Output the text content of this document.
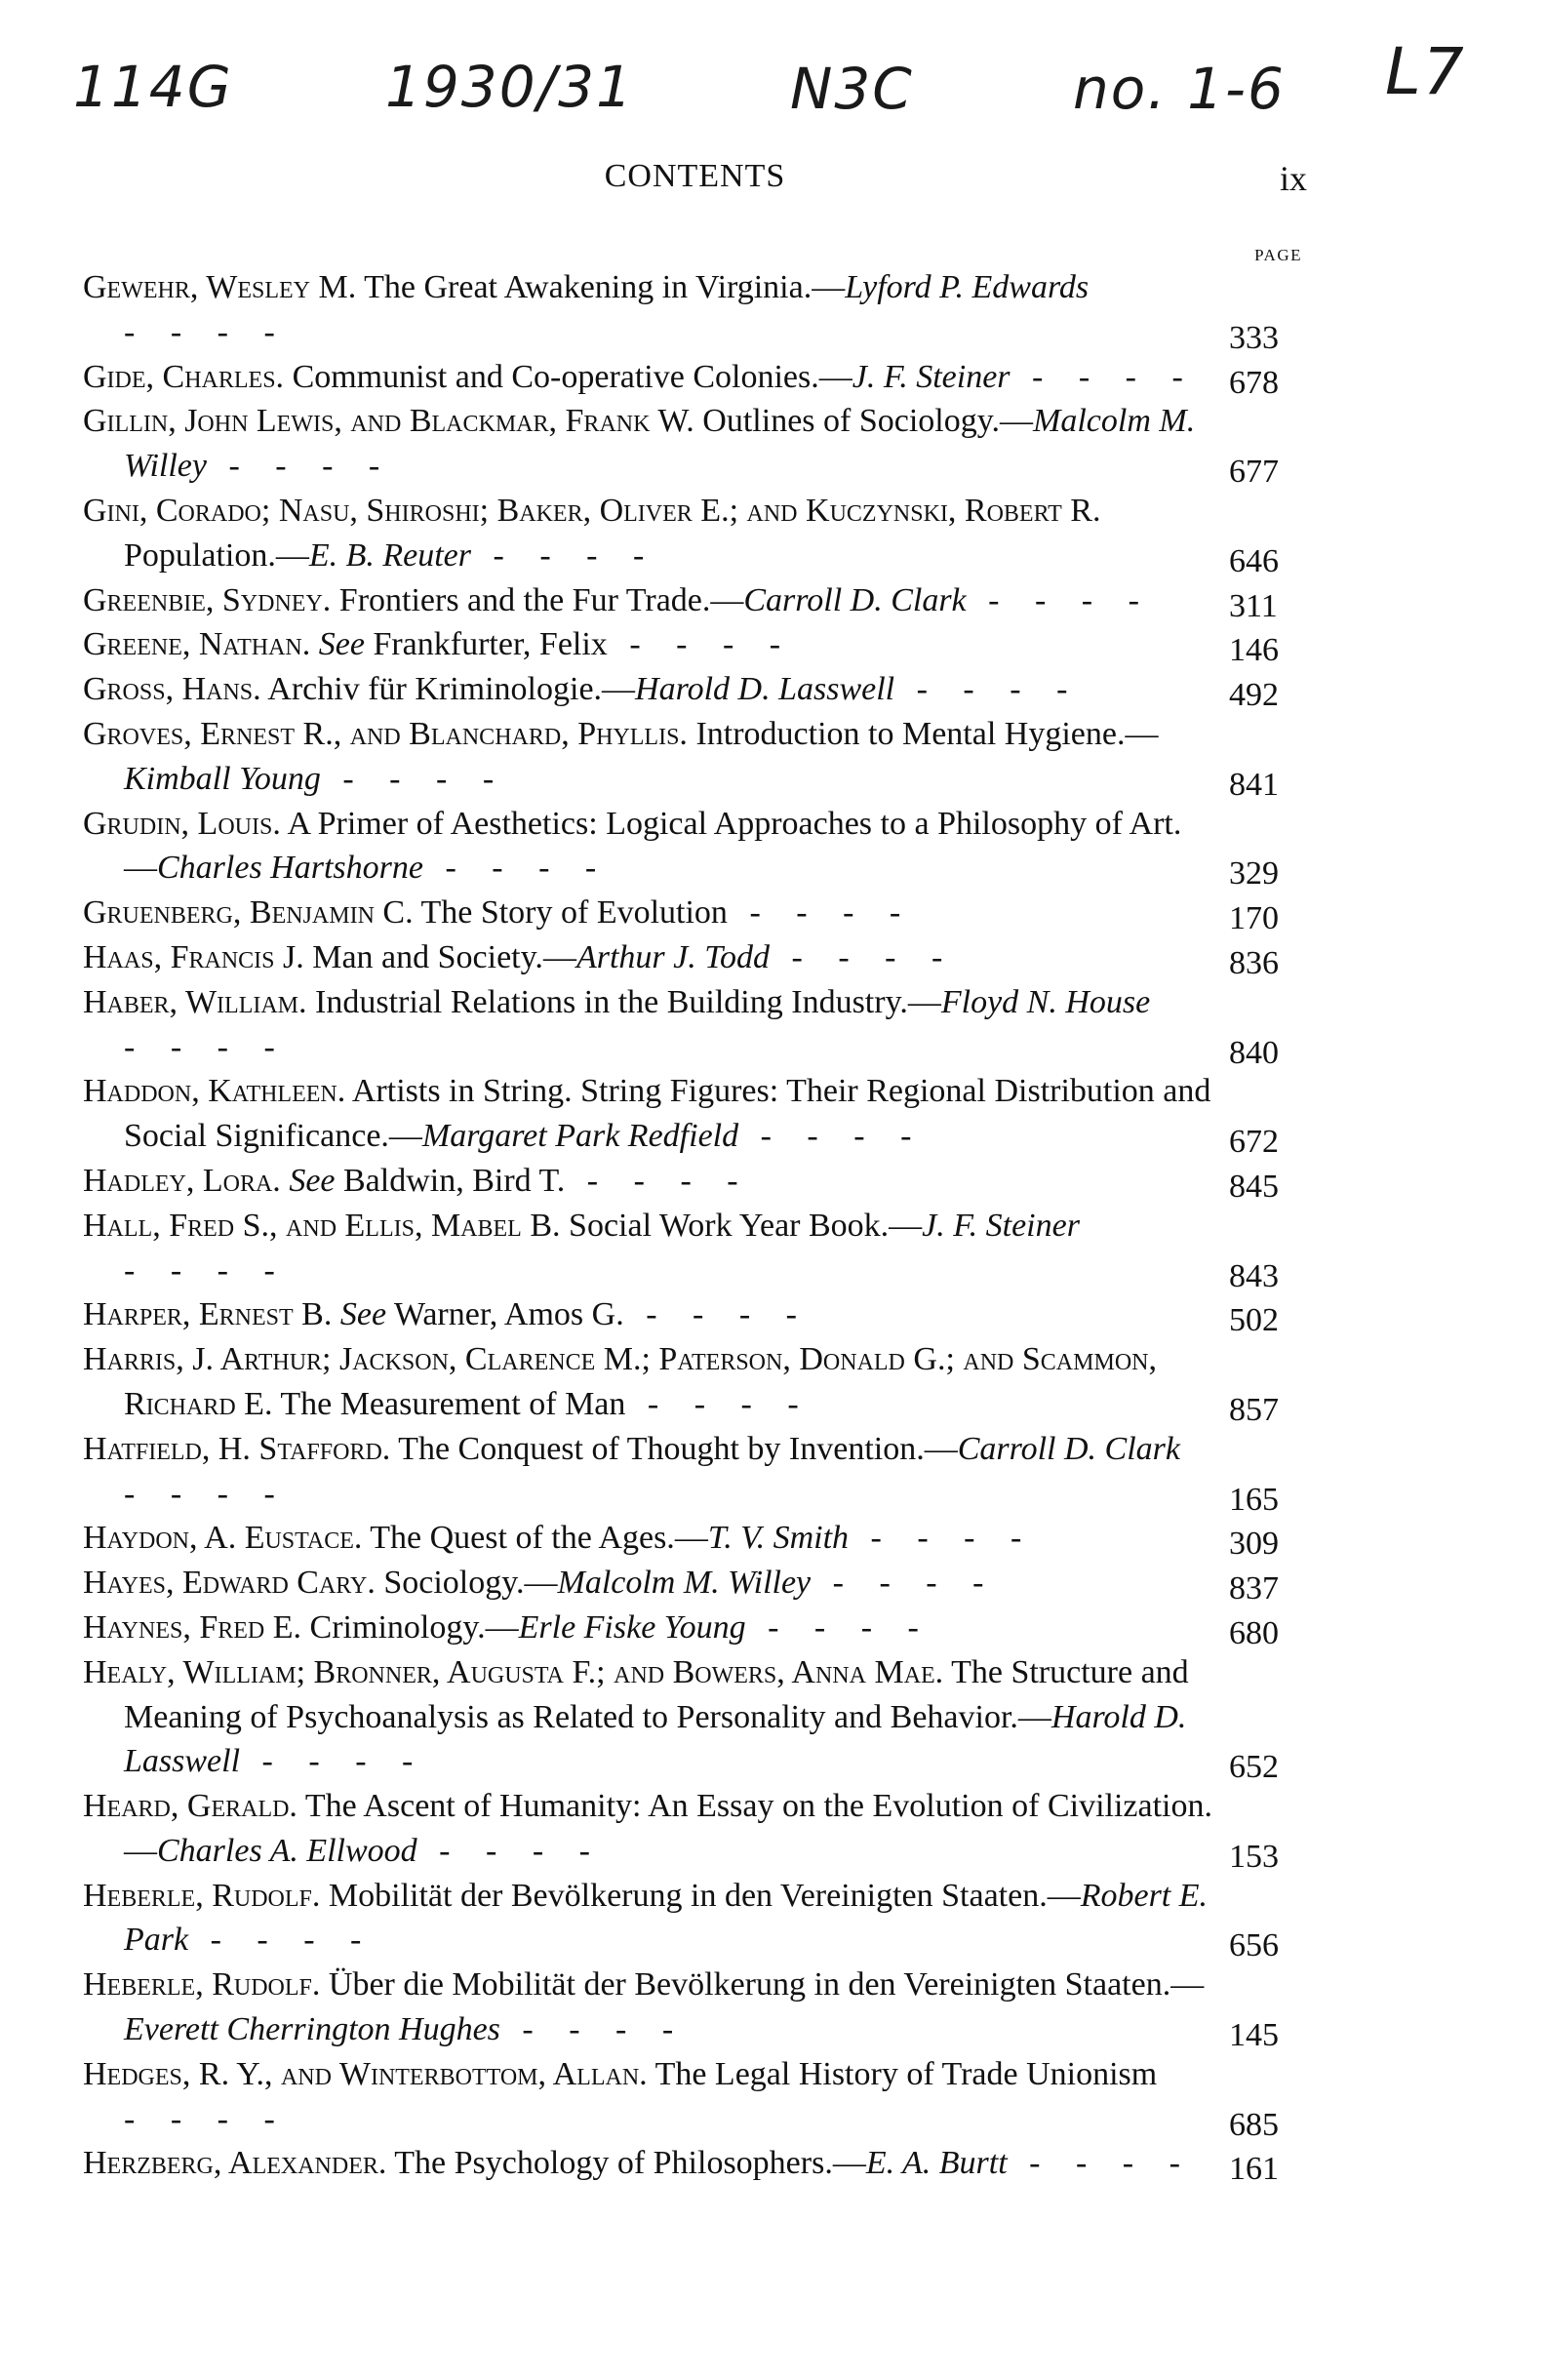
114G	1930/31	N3C	no. 1-6 L7
CONTENTS	ix
PAGE
Gewehr, Wesley M. The Great Awakening in Virginia.—Lyford P. Edwards - - - -	333
Gide, Charles. Communist and Co-operative Colonies.—J. F. Steiner - - - - 678
Gillin, John Lewis, and Blackmar, Frank W. Outlines of Sociology.—Malcolm M. Willey - - - -	677
Gini, Corado; Nasu, Shiroshi; Baker, Oliver E.; and Kuczynski, Robert R. Population.—E. B. Reuter - - - -	646
Greenbie, Sydney. Frontiers and the Fur Trade.—Carroll D. Clark - - - - 311
Greene, Nathan. See Frankfurter, Felix - - - -	146
Gross, Hans. Archiv für Kriminologie.—Harold D. Lasswell - - - -	492
Groves, Ernest R., and Blanchard, Phyllis. Introduction to Mental Hygiene.—Kimball Young - - - -	841
Grudin, Louis. A Primer of Aesthetics: Logical Approaches to a Philosophy of Art.—Charles Hartshorne - - - -	329
Gruenberg, Benjamin C. The Story of Evolution - - - -	170
Haas, Francis J. Man and Society.—Arthur J. Todd - - - -	836
Haber, William. Industrial Relations in the Building Industry.—Floyd N. House - - - -	840
Haddon, Kathleen. Artists in String. String Figures: Their Regional Distribution and Social Significance.—Margaret Park Redfield - - - -	672
Hadley, Lora. See Baldwin, Bird T. - - - -	845
Hall, Fred S., and Ellis, Mabel B. Social Work Year Book.—J. F. Steiner - - - -	843
Harper, Ernest B. See Warner, Amos G. - - - -	502
Harris, J. Arthur; Jackson, Clarence M.; Paterson, Donald G.; and Scammon, Richard E. The Measurement of Man - - - -	857
Hatfield, H. Stafford. The Conquest of Thought by Invention.—Carroll D. Clark - - - -	165
Haydon, A. Eustace. The Quest of the Ages.—T. V. Smith - - - -	309
Hayes, Edward Cary. Sociology.—Malcolm M. Willey - - - -	837
Haynes, Fred E. Criminology.—Erle Fiske Young - - - -	680
Healy, William; Bronner, Augusta F.; and Bowers, Anna Mae. The Structure and Meaning of Psychoanalysis as Related to Personality and Behavior.—Harold D. Lasswell - - - -	652
Heard, Gerald. The Ascent of Humanity: An Essay on the Evolution of Civilization.—Charles A. Ellwood - - - -	153
Heberle, Rudolf. Mobilität der Bevölkerung in den Vereinigten Staaten.—Robert E. Park - - - -	656
Heberle, Rudolf. Über die Mobilität der Bevölkerung in den Vereinigten Staaten.—Everett Cherrington Hughes - - - -	145
Hedges, R. Y., and Winterbottom, Allan. The Legal History of Trade Unionism - - - -	685
Herzberg, Alexander. The Psychology of Philosophers.—E. A. Burtt - - - - 161
